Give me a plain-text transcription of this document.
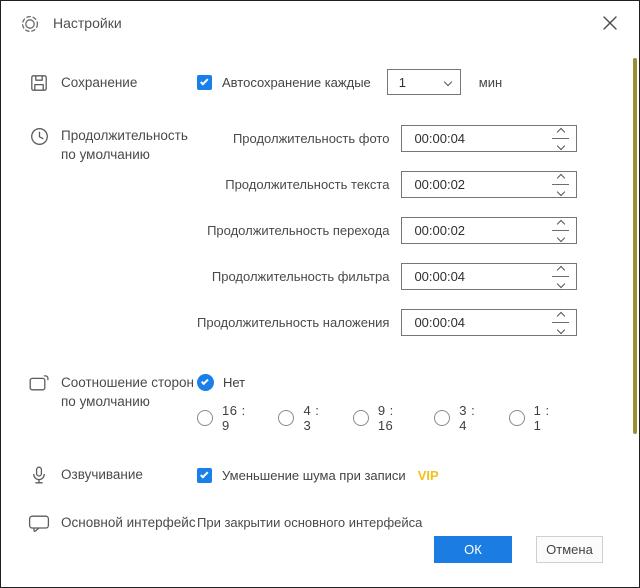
Настройки
Сохранение	Автосохранение каждые 1	мин
Продолжительность
по умолчанию
Продолжительность фото	00:00:04
Продолжительность текста	00:00:02
Продолжительность перехода	00:00:02
Продолжительность фильтра	00:00:04
Продолжительность наложения	00:00:04
Соотношение сторон
по умолчанию
Нет
16 : 9
4 : 3
9 : 16
3 : 4
1 : 1
Озвучивание	Уменьшение шума при записи VIP
Основной интерфейс При закрытии основного интерфейса
ОК	Отмена
